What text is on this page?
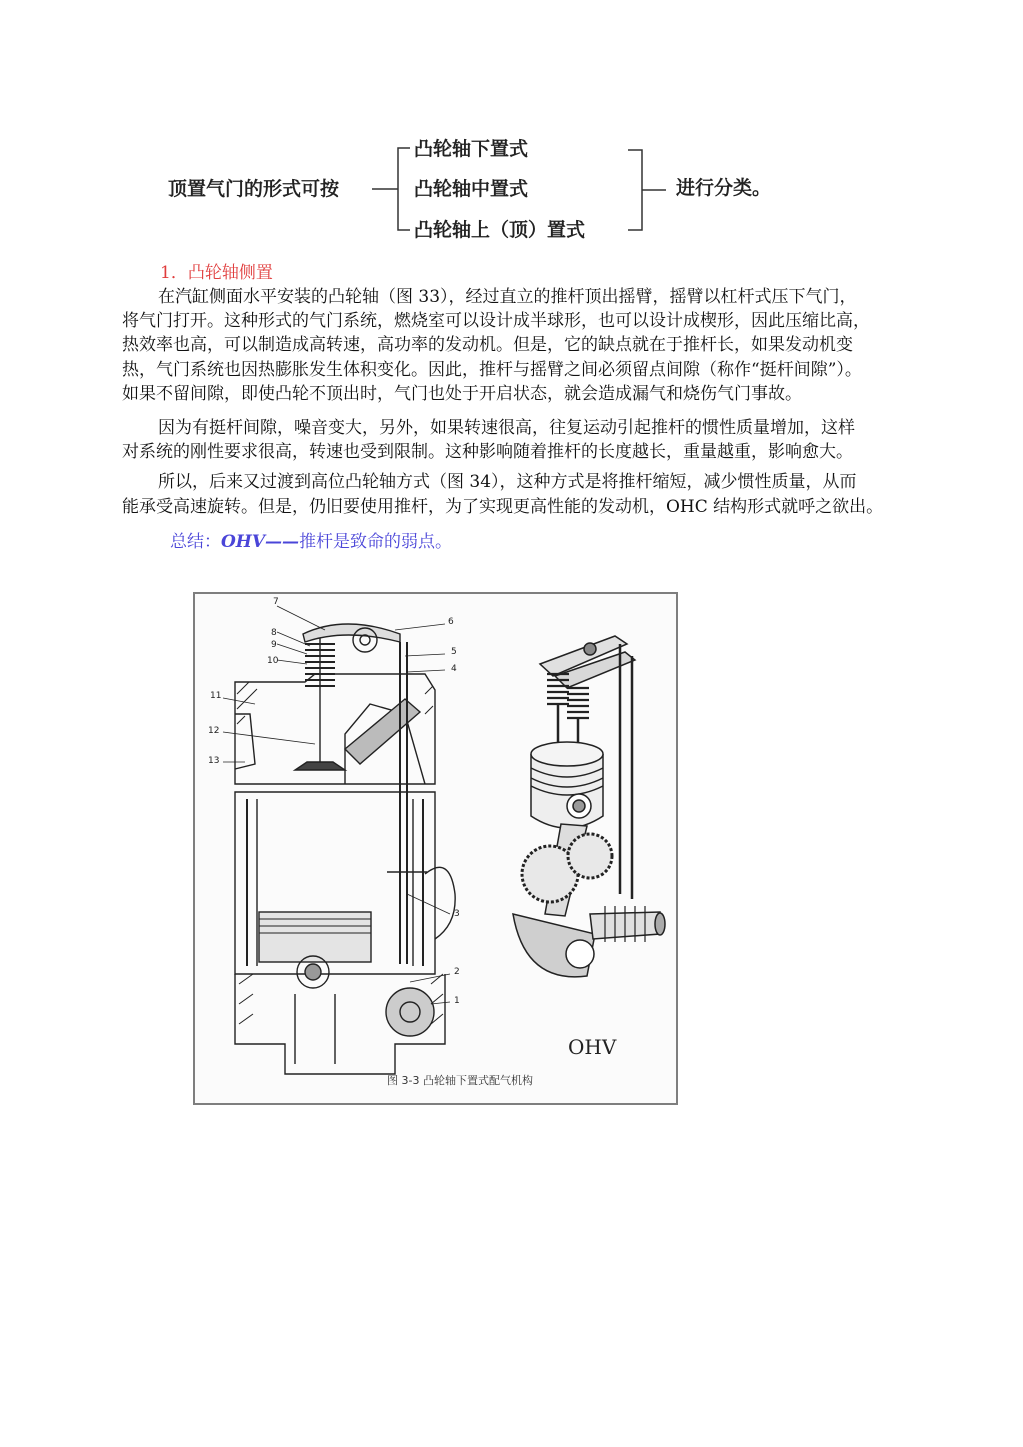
顶置气门的形式可按
凸轮轴下置式
凸轮轴中置式
凸轮轴上（顶）置式
进行分类。
1．凸轮轴侧置
在汽缸侧面水平安装的凸轮轴（图 33），经过直立的推杆顶出摇臂，摇臂以杠杆式压下气门，
将气门打开。这种形式的气门系统，燃烧室可以设计成半球形，也可以设计成楔形，因此压缩比高，
热效率也高，可以制造成高转速，高功率的发动机。但是，它的缺点就在于推杆长，如果发动机变
热，气门系统也因热膨胀发生体积变化。因此，推杆与摇臂之间必须留点间隙（称作“挺杆间隙”）。
如果不留间隙，即使凸轮不顶出时，气门也处于开启状态，就会造成漏气和烧伤气门事故。
因为有挺杆间隙，噪音变大，另外，如果转速很高，往复运动引起推杆的惯性质量增加，这样
对系统的刚性要求很高，转速也受到限制。这种影响随着推杆的长度越长，重量越重，影响愈大。
所以，后来又过渡到高位凸轮轴方式（图 34），这种方式是将推杆缩短，减少惯性质量，从而
能承受高速旋转。但是，仍旧要使用推杆，为了实现更高性能的发动机，OHC 结构形式就呼之欲出。
总结：OHV——推杆是致命的弱点。
7
6
8
9
5
10
4
11
12
13
3
2
1
OHV
图 3-3 凸轮轴下置式配气机构
